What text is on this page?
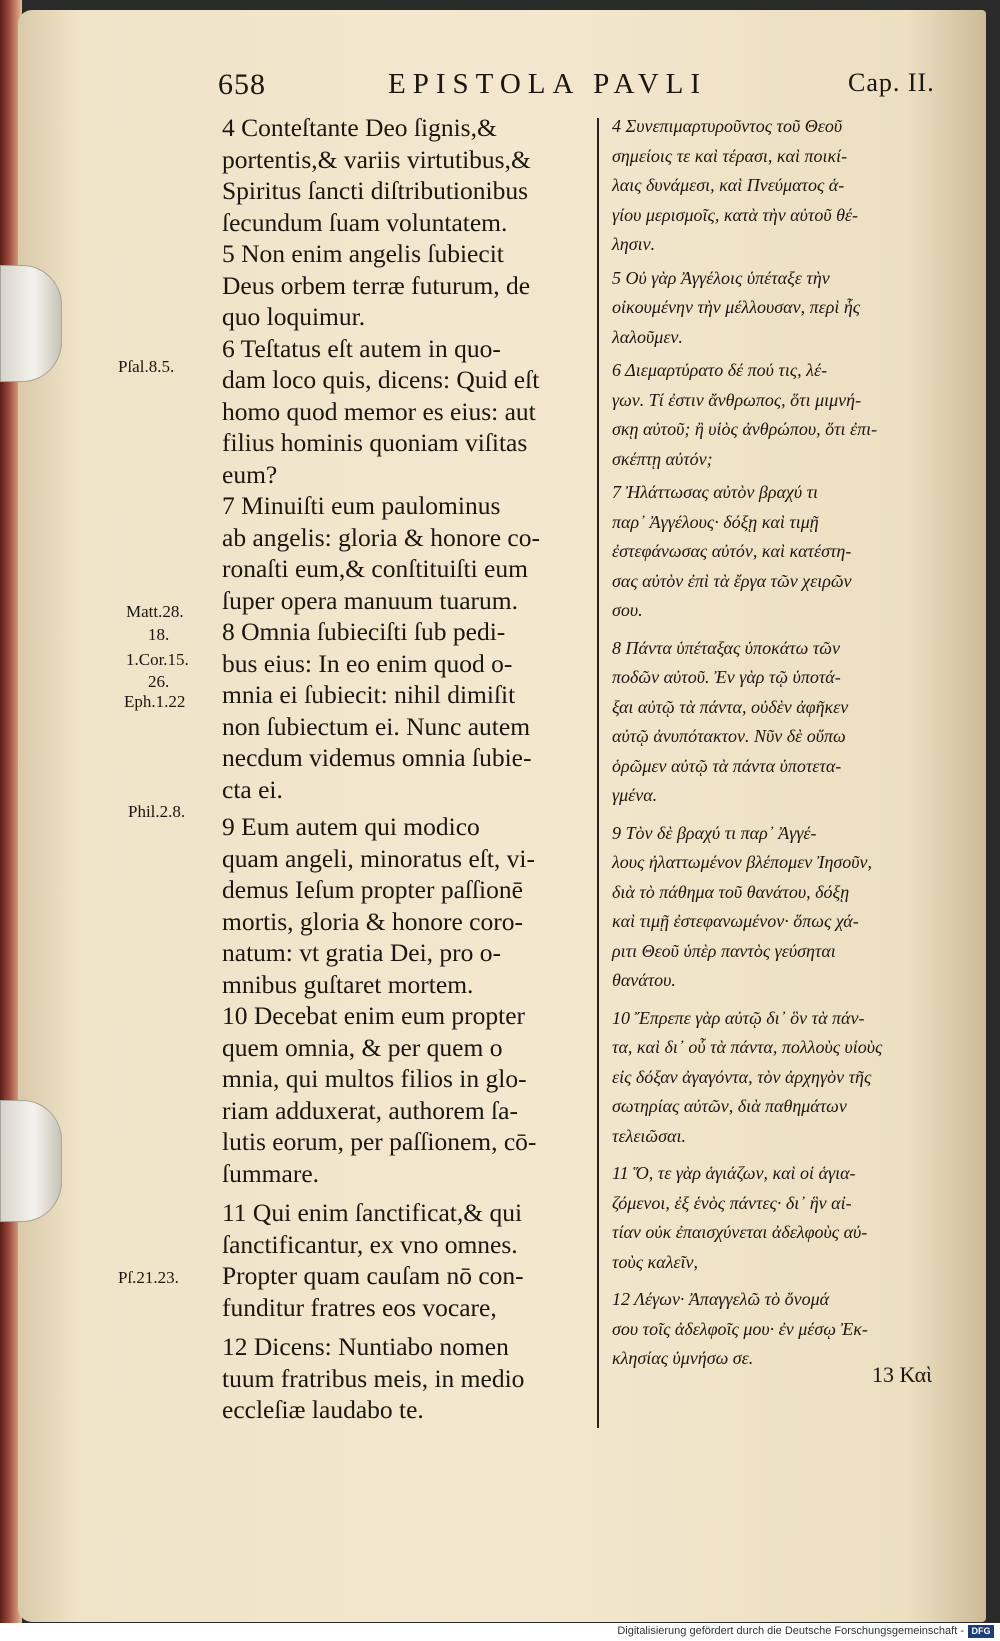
658	EPISTOLA PAVLI	Cap. II.
Pſal.8.5.
Matt.28.
18.
1.Cor.15.
26.
Eph.1.22
Phil.2.8.
Pſ.21.23.

4 Conteſtante Deo ſignis,&

portentis,& variis virtutibus,&

Spiritus ſancti diſtributionibus

ſecundum ſuam voluntatem.

5 Non enim angelis ſubiecit

Deus orbem terræ futurum, de

quo loquimur.

6 Teſtatus eſt autem in quo-

dam loco quis, dicens: Quid eſt

homo quod memor es eius: aut

filius hominis quoniam viſitas

eum?

7 Minuiſti eum paulominus

ab angelis: gloria & honore co-

ronaſti eum,& conſtituiſti eum

ſuper opera manuum tuarum.

8 Omnia ſubieciſti ſub pedi-

bus eius: In eo enim quod o-

mnia ei ſubiecit: nihil dimiſit

non ſubiectum ei. Nunc autem

necdum videmus omnia ſubie-

cta ei.

9 Eum autem qui modico

quam angeli, minoratus eſt, vi-

demus Ieſum propter paſſionē

mortis, gloria & honore coro-

natum: vt gratia Dei, pro o-

mnibus guſtaret mortem.

10 Decebat enim eum propter

quem omnia, & per quem o

mnia, qui multos filios in glo-

riam adduxerat, authorem ſa-

lutis eorum, per paſſionem, cō-

ſummare.

11 Qui enim ſanctificat,& qui

ſanctificantur, ex vno omnes.

Propter quam cauſam nō con-

funditur fratres eos vocare,

12 Dicens: Nuntiabo nomen

tuum fratribus meis, in medio

eccleſiæ laudabo te.

4 Συνεπιμαρτυροῦντος τοῦ Θεοῦ

σημείοις τε καὶ τέρασι, καὶ ποικί-

λαις δυνάμεσι, καὶ Πνεύματος ἁ-

γίου μερισμοῖς, κατὰ τὴν αὐτοῦ θέ-

λησιν.

5 Οὐ γὰρ Ἀγγέλοις ὑπέταξε τὴν

οἰκουμένην τὴν μέλλουσαν, περὶ ἧς

λαλοῦμεν.

6 Διεμαρτύρατο δέ πού τις, λέ-

γων. Τί ἐστιν ἄνθρωπος, ὅτι μιμνή-

σκῃ αὐτοῦ; ἢ υἱὸς ἀνθρώπου, ὅτι ἐπι-

σκέπτῃ αὐτόν;

7 Ἠλάττωσας αὐτὸν βραχύ τι

παρ᾽ Ἀγγέλους· δόξῃ καὶ τιμῇ

ἐστεφάνωσας αὐτόν, καὶ κατέστη-

σας αὐτὸν ἐπὶ τὰ ἔργα τῶν χειρῶν

σου.

8 Πάντα ὑπέταξας ὑποκάτω τῶν

ποδῶν αὐτοῦ. Ἐν γὰρ τῷ ὑποτά-

ξαι αὐτῷ τὰ πάντα, οὐδὲν ἀφῆκεν

αὐτῷ ἀνυπότακτον. Νῦν δὲ οὔπω

ὁρῶμεν αὐτῷ τὰ πάντα ὑποτετα-

γμένα.

9 Τὸν δὲ βραχύ τι παρ᾽ Ἀγγέ-

λους ἠλαττωμένον βλέπομεν Ἰησοῦν,

διὰ τὸ πάθημα τοῦ θανάτου, δόξῃ

καὶ τιμῇ ἐστεφανωμένον· ὅπως χά-

ριτι Θεοῦ ὑπὲρ παντὸς γεύσηται

θανάτου.

10 Ἔπρεπε γὰρ αὐτῷ δι᾽ ὃν τὰ πάν-

τα, καὶ δι᾽ οὗ τὰ πάντα, πολλοὺς υἱοὺς

εἰς δόξαν ἀγαγόντα, τὸν ἀρχηγὸν τῆς

σωτηρίας αὐτῶν, διὰ παθημάτων

τελειῶσαι.

11 Ὅ, τε γὰρ ἁγιάζων, καὶ οἱ ἁγια-

ζόμενοι, ἐξ ἑνὸς πάντες· δι᾽ ἣν αἰ-

τίαν οὐκ ἐπαισχύνεται ἀδελφοὺς αὐ-

τοὺς καλεῖν,

12 Λέγων· Ἀπαγγελῶ τὸ ὄνομά

σου τοῖς ἀδελφοῖς μου· ἐν μέσῳ Ἐκ-

κλησίας ὑμνήσω σε.

13 Καὶ
Digitalisierung gefördert durch die Deutsche Forschungsgemeinschaft - DFG
